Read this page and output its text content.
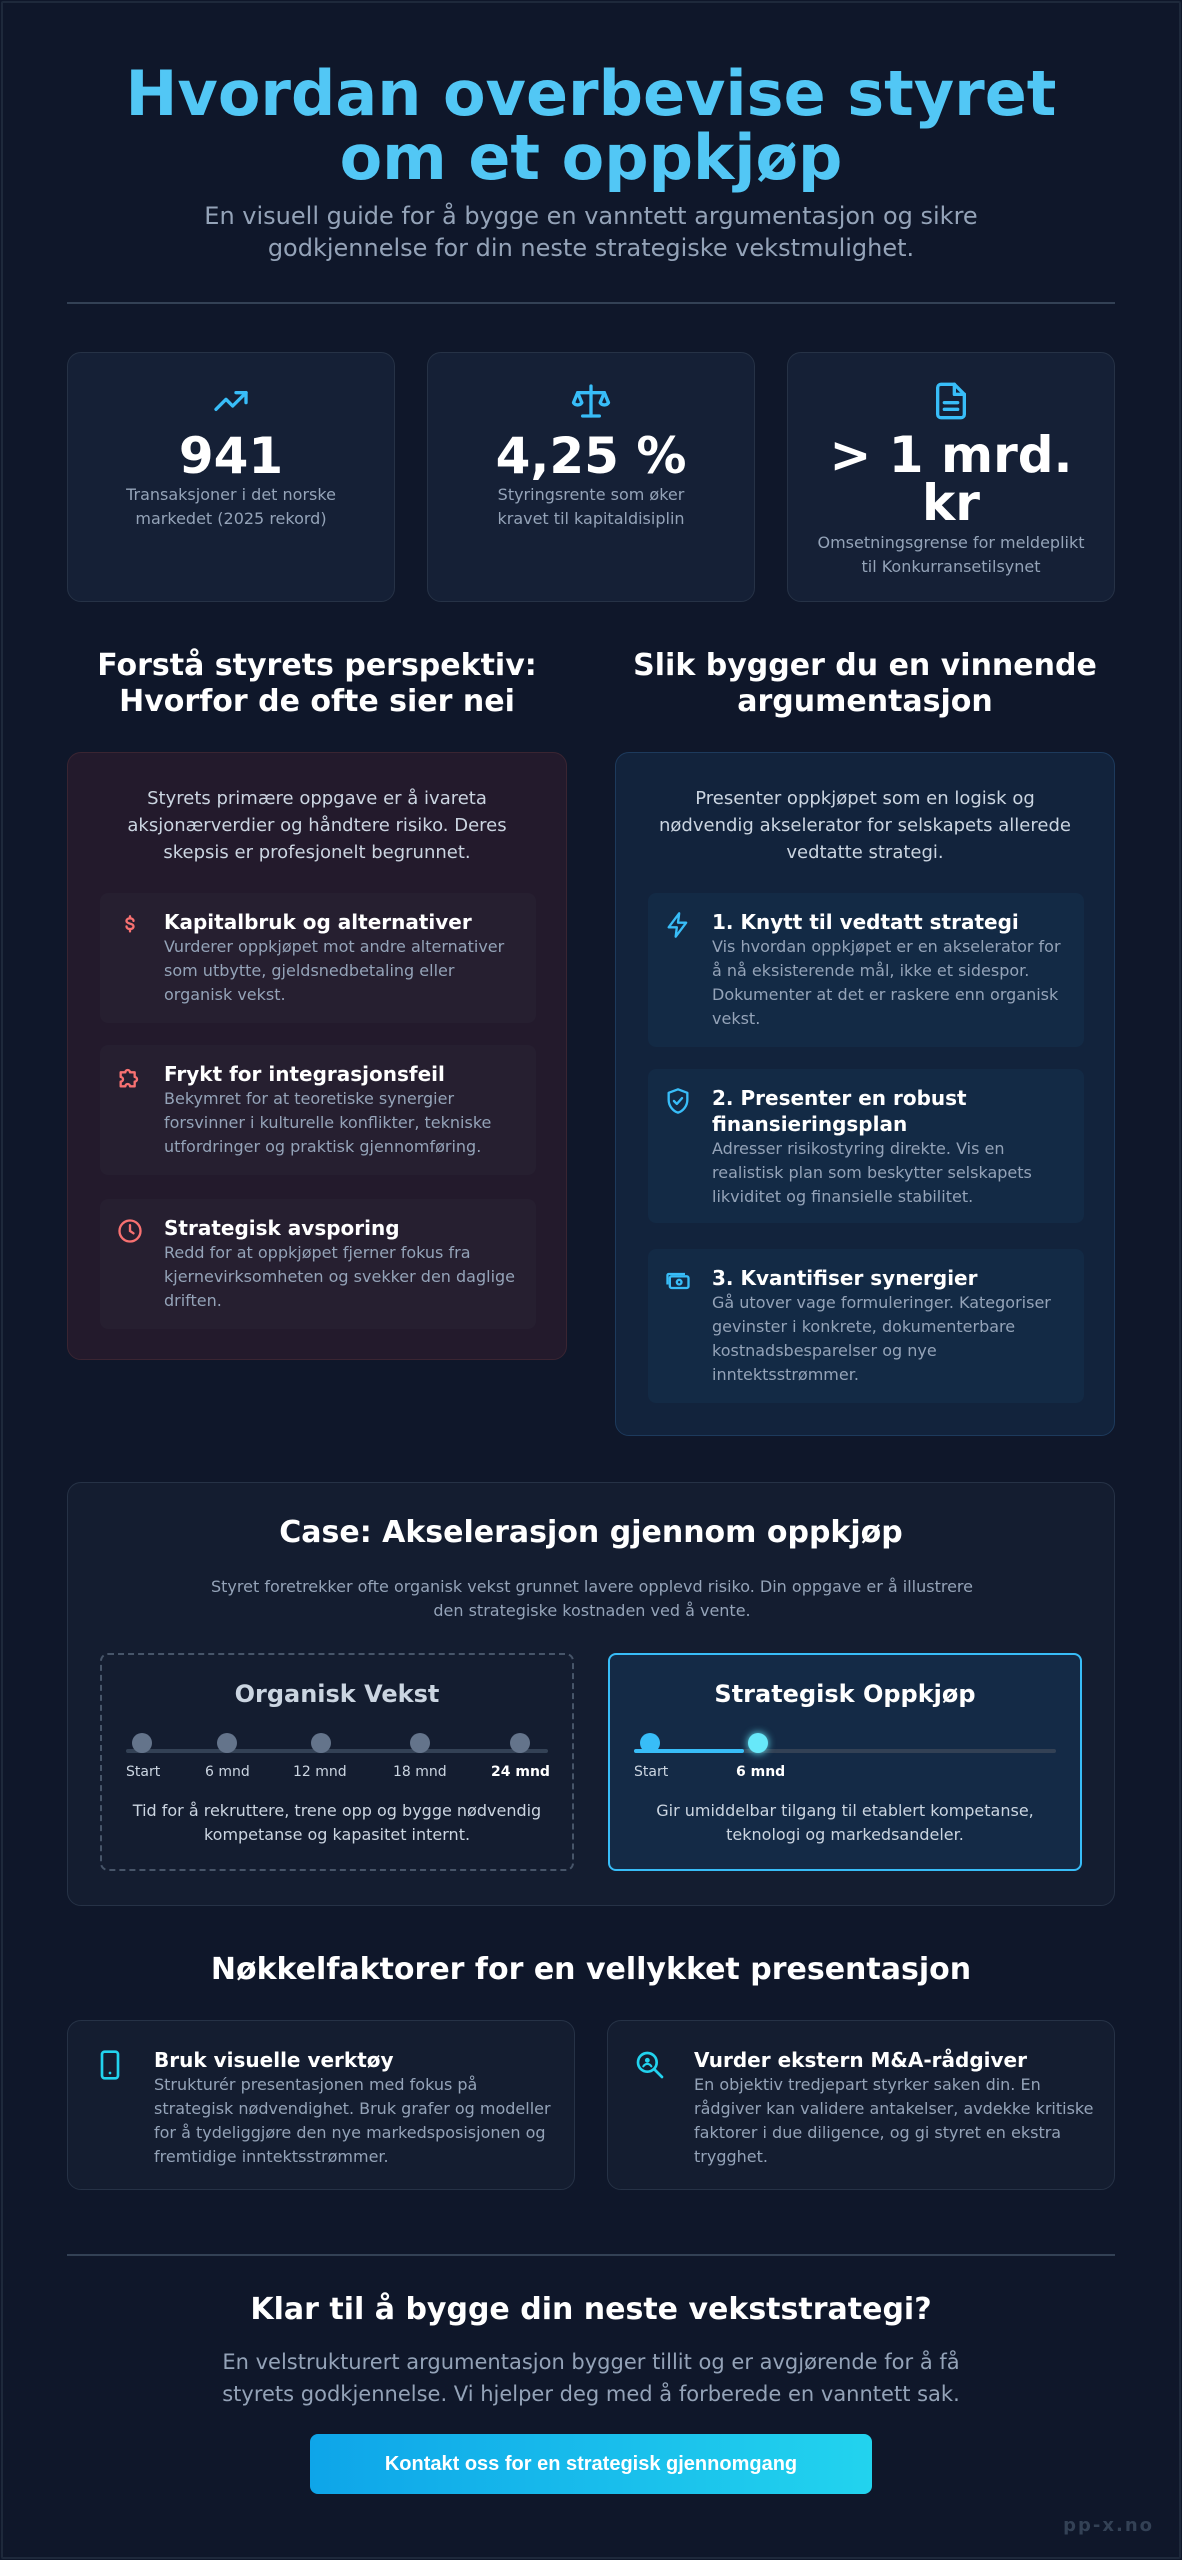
Hvordan overbevise styret om et oppkjøp

En visuell guide for å bygge en vanntett argumentasjon og sikre godkjennelse for din neste strategiske vekstmulighet.

941
Transaksjoner i det norske markedet (2025 rekord)
4,25 %
Styringsrente som øker kravet til kapitaldisiplin
> 1 mrd. kr
Omsetningsgrense for meldeplikt til Konkurransetilsynet
Forstå styrets perspektiv: Hvorfor de ofte sier nei
Slik bygger du en vinnende argumentasjon

Styrets primære oppgave er å ivareta aksjonærverdier og håndtere risiko. Deres skepsis er profesjonelt begrunnet.

Kapitalbruk og alternativer
Vurderer oppkjøpet mot andre alternativer som utbytte, gjeldsnedbetaling eller organisk vekst.
Frykt for integrasjonsfeil
Bekymret for at teoretiske synergier forsvinner i kulturelle konflikter, tekniske utfordringer og praktisk gjennomføring.
Strategisk avsporing
Redd for at oppkjøpet fjerner fokus fra kjernevirksomheten og svekker den daglige driften.

Presenter oppkjøpet som en logisk og nødvendig akselerator for selskapets allerede vedtatte strategi.

1. Knytt til vedtatt strategi
Vis hvordan oppkjøpet er en akselerator for å nå eksisterende mål, ikke et sidespor. Dokumenter at det er raskere enn organisk vekst.
2. Presenter en robust finansieringsplan
Adresser risikostyring direkte. Vis en realistisk plan som beskytter selskapets likviditet og finansielle stabilitet.
3. Kvantifiser synergier
Gå utover vage formuleringer. Kategoriser gevinster i konkrete, dokumenterbare kostnadsbesparelser og nye inntektsstrømmer.
Case: Akselerasjon gjennom oppkjøp

Styret foretrekker ofte organisk vekst grunnet lavere opplevd risiko. Din oppgave er å illustrere den strategiske kostnaden ved å vente.

Organisk Vekst
Start	6 mnd	12 mnd	18 mnd	24 mnd

Tid for å rekruttere, trene opp og bygge nødvendig kompetanse og kapasitet internt.

Strategisk Oppkjøp
Start	6 mnd

Gir umiddelbar tilgang til etablert kompetanse, teknologi og markedsandeler.

Nøkkelfaktorer for en vellykket presentasjon
Bruk visuelle verktøy
Strukturér presentasjonen med fokus på strategisk nødvendighet. Bruk grafer og modeller for å tydeliggjøre den nye markedsposisjonen og fremtidige inntektsstrømmer.
Vurder ekstern M&A-rådgiver
En objektiv tredjepart styrker saken din. En rådgiver kan validere antakelser, avdekke kritiske faktorer i due diligence, og gi styret en ekstra trygghet.
Klar til å bygge din neste vekststrategi?

En velstrukturert argumentasjon bygger tillit og er avgjørende for å få styrets godkjennelse. Vi hjelper deg med å forberede en vanntett sak.

Kontakt oss for en strategisk gjennomgang
pp-x.no
